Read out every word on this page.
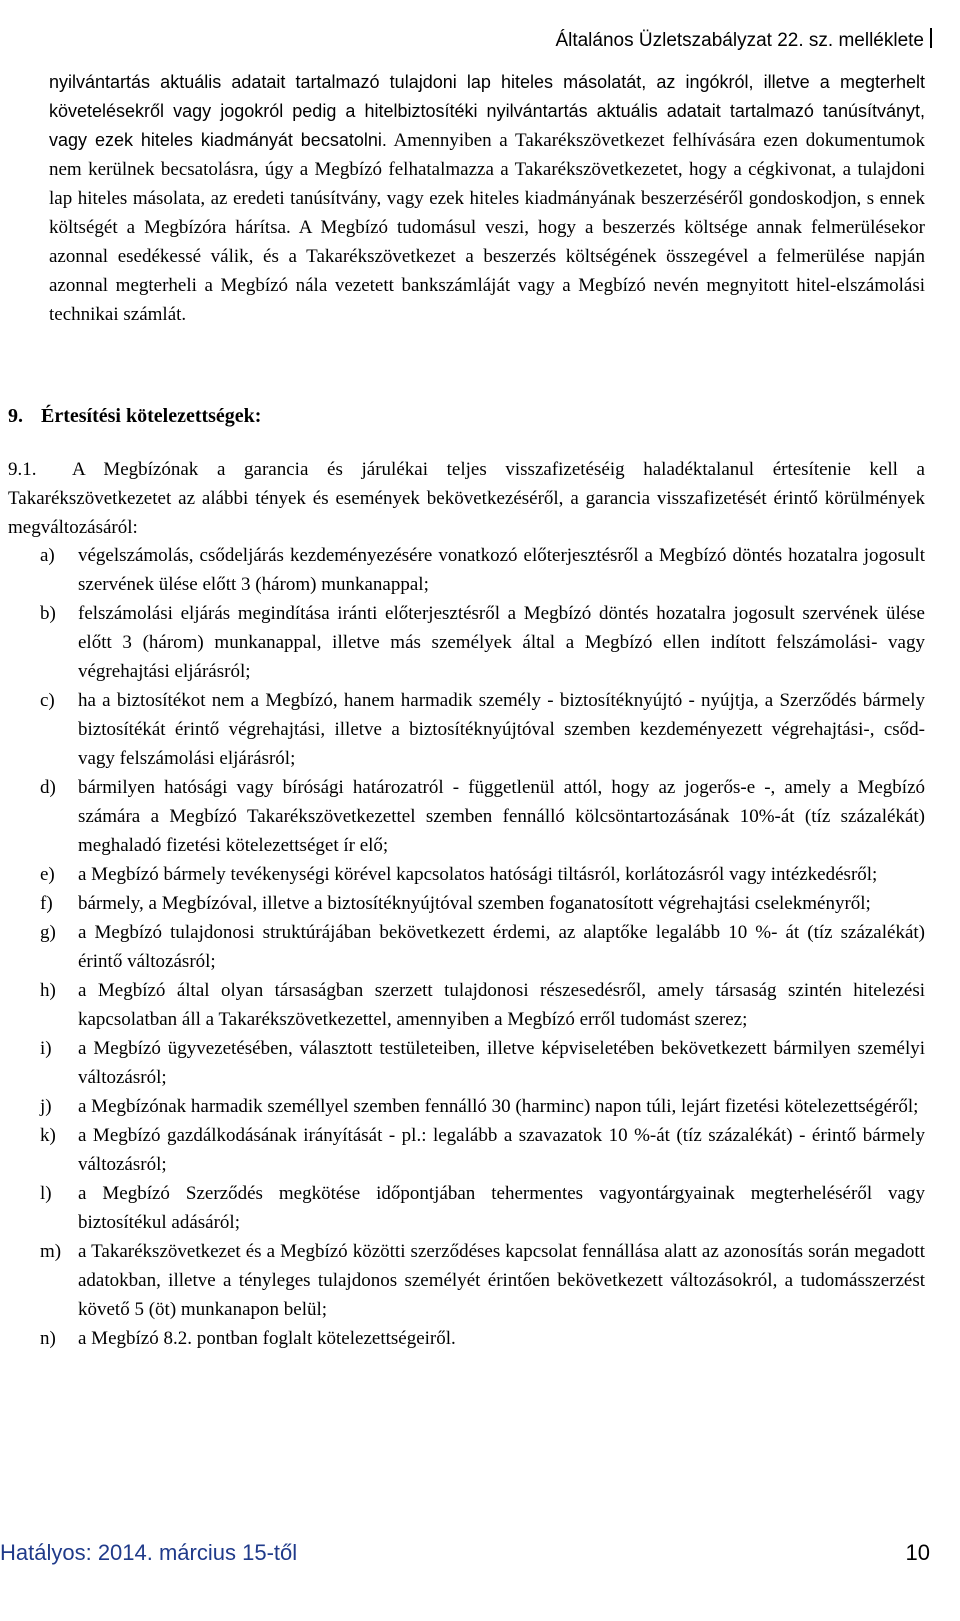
Általános Üzletszabályzat 22. sz. melléklete
nyilvántartás aktuális adatait tartalmazó tulajdoni lap hiteles másolatát, az ingókról, illetve a megterhelt követelésekről vagy jogokról pedig a hitelbiztosítéki nyilvántartás aktuális adatait tartalmazó tanúsítványt, vagy ezek hiteles kiadmányát becsatolni. Amennyiben a Takarékszövetkezet felhívására ezen dokumentumok nem kerülnek becsatolásra, úgy a Megbízó felhatalmazza a Takarékszövetkezetet, hogy a cégkivonat, a tulajdoni lap hiteles másolata, az eredeti tanúsítvány, vagy ezek hiteles kiadmányának beszerzéséről gondoskodjon, s ennek költségét a Megbízóra hárítsa. A Megbízó tudomásul veszi, hogy a beszerzés költsége annak felmerülésekor azonnal esedékessé válik, és a Takarékszövetkezet a beszerzés költségének összegével a felmerülése napján azonnal megterheli a Megbízó nála vezetett bankszámláját vagy a Megbízó nevén megnyitott hitel-elszámolási technikai számlát.
9. Értesítési kötelezettségek:
9.1. A Megbízónak a garancia és járulékai teljes visszafizetéséig haladéktalanul értesítenie kell a Takarékszövetkezetet az alábbi tények és események bekövetkezéséről, a garancia visszafizetését érintő körülmények megváltozásáról:
a)	végelszámolás, csődeljárás kezdeményezésére vonatkozó előterjesztésről a Megbízó döntés hozatalra jogosult szervének ülése előtt 3 (három) munkanappal;
b)	felszámolási eljárás megindítása iránti előterjesztésről a Megbízó döntés hozatalra jogosult szervének ülése előtt 3 (három) munkanappal, illetve más személyek által a Megbízó ellen indított felszámolási- vagy végrehajtási eljárásról;
c)	ha a biztosítékot nem a Megbízó, hanem harmadik személy - biztosítéknyújtó - nyújtja, a Szerződés bármely biztosítékát érintő végrehajtási, illetve a biztosítéknyújtóval szemben kezdeményezett végrehajtási-, csőd- vagy felszámolási eljárásról;
d)	bármilyen hatósági vagy bírósági határozatról - függetlenül attól, hogy az jogerős-e -, amely a Megbízó számára a Megbízó Takarékszövetkezettel szemben fennálló kölcsöntartozásának 10%-át (tíz százalékát) meghaladó fizetési kötelezettséget ír elő;
e)	a Megbízó bármely tevékenységi körével kapcsolatos hatósági tiltásról, korlátozásról vagy intézkedésről;
f)	bármely, a Megbízóval, illetve a biztosítéknyújtóval szemben foganatosított végrehajtási cselekményről;
g)	a Megbízó tulajdonosi struktúrájában bekövetkezett érdemi, az alaptőke legalább 10 %- át (tíz százalékát) érintő változásról;
h)	a Megbízó által olyan társaságban szerzett tulajdonosi részesedésről, amely társaság szintén hitelezési kapcsolatban áll a Takarékszövetkezettel, amennyiben a Megbízó erről tudomást szerez;
i)	a Megbízó ügyvezetésében, választott testületeiben, illetve képviseletében bekövetkezett bármilyen személyi változásról;
j)	a Megbízónak harmadik személlyel szemben fennálló 30 (harminc) napon túli, lejárt fizetési kötelezettségéről;
k)	a Megbízó gazdálkodásának irányítását - pl.: legalább a szavazatok 10 %-át (tíz százalékát) - érintő bármely változásról;
l)	a Megbízó Szerződés megkötése időpontjában tehermentes vagyontárgyainak megterheléséről vagy biztosítékul adásáról;
m) a Takarékszövetkezet és a Megbízó közötti szerződéses kapcsolat fennállása alatt az azonosítás során megadott adatokban, illetve a tényleges tulajdonos személyét érintően bekövetkezett változásokról, a tudomásszerzést követő 5 (öt) munkanapon belül;
n)	a Megbízó 8.2. pontban foglalt kötelezettségeiről.
Hatályos: 2014. március 15-től	10
